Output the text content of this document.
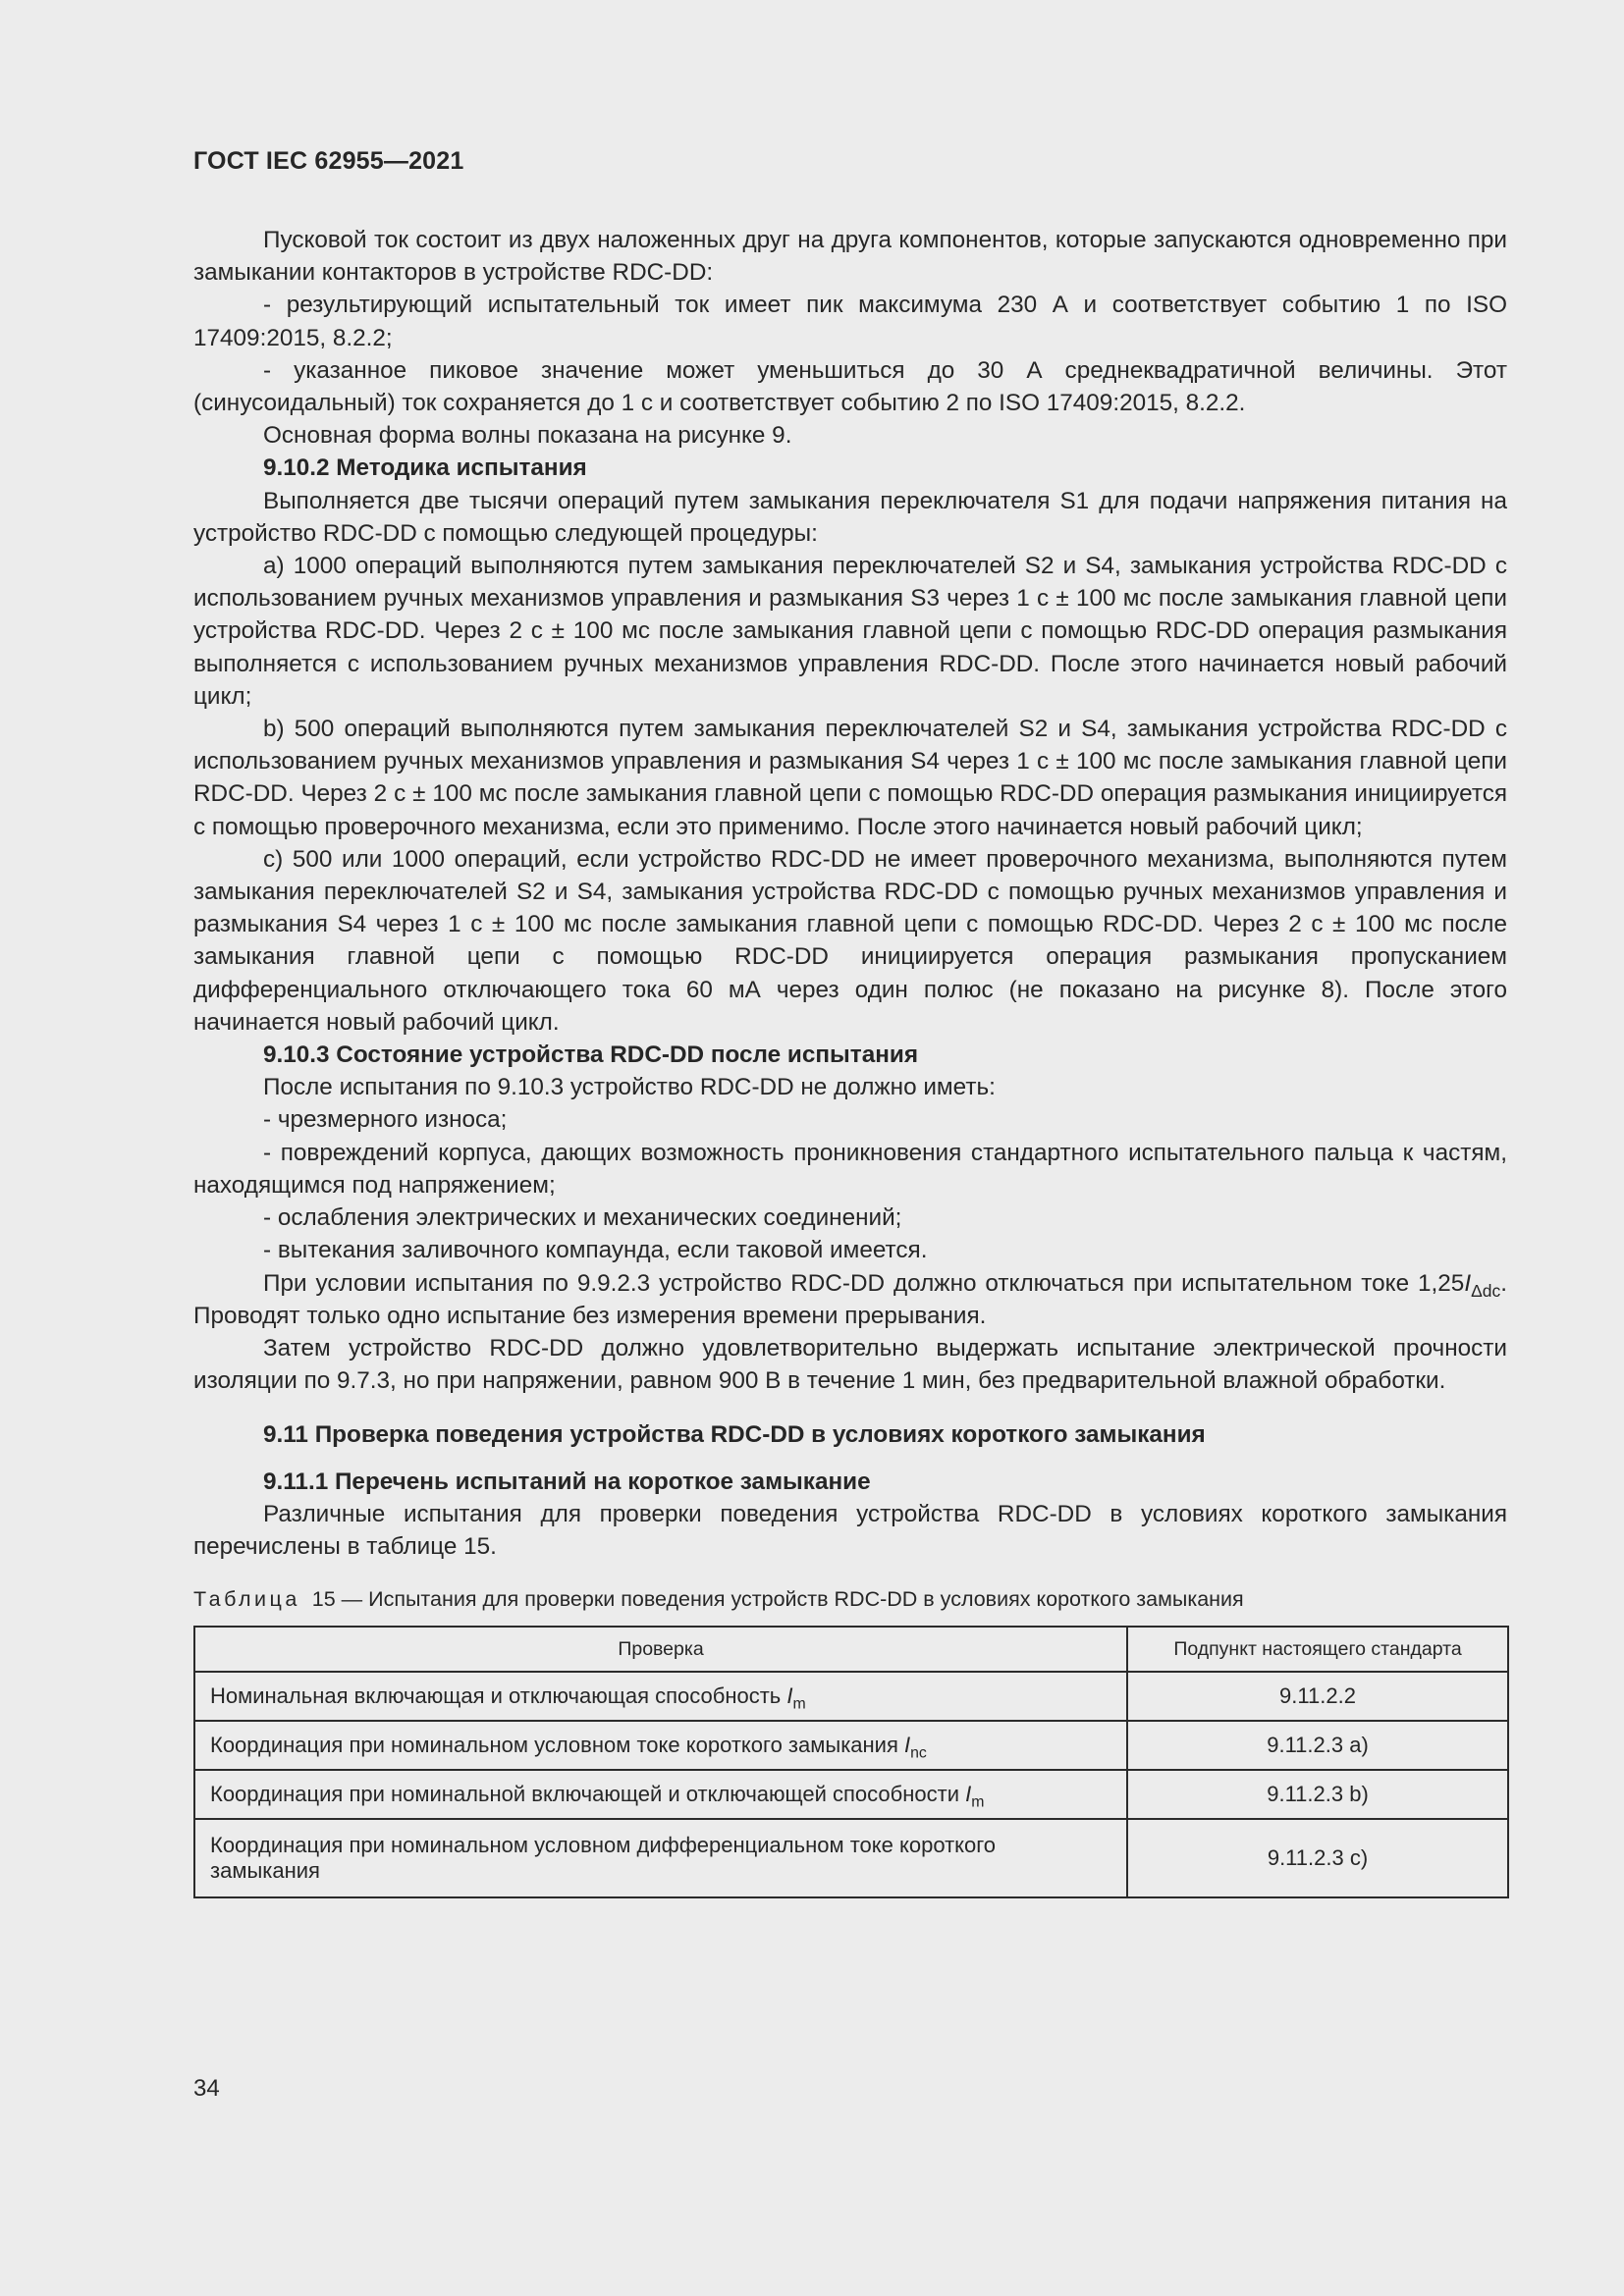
ГОСТ IEC 62955—2021

Пусковой ток состоит из двух наложенных друг на друга компонентов, которые запускаются одновременно при замыкании контакторов в устройстве RDC-DD:

- результирующий испытательный ток имеет пик максимума 230 А и соответствует событию 1 по ISO 17409:2015, 8.2.2;

- указанное пиковое значение может уменьшиться до 30 А среднеквадратичной величины. Этот (синусоидальный) ток сохраняется до 1 с и соответствует событию 2 по ISO 17409:2015, 8.2.2.

Основная форма волны показана на рисунке 9.

9.10.2 Методика испытания

Выполняется две тысячи операций путем замыкания переключателя S1 для подачи напряжения питания на устройство RDC-DD с помощью следующей процедуры:

a) 1000 операций выполняются путем замыкания переключателей S2 и S4, замыкания устройства RDC-DD с использованием ручных механизмов управления и размыкания S3 через 1 с ± 100 мс после замыкания главной цепи устройства RDC-DD. Через 2 с ± 100 мс после замыкания главной цепи с помощью RDC-DD операция размыкания выполняется с использованием ручных механизмов управления RDC-DD. После этого начинается новый рабочий цикл;

b) 500 операций выполняются путем замыкания переключателей S2 и S4, замыкания устройства RDC-DD с использованием ручных механизмов управления и размыкания S4 через 1 с ± 100 мс после замыкания главной цепи RDC-DD. Через 2 с ± 100 мс после замыкания главной цепи с помощью RDC-DD операция размыкания инициируется с помощью проверочного механизма, если это применимо. После этого начинается новый рабочий цикл;

c) 500 или 1000 операций, если устройство RDC-DD не имеет проверочного механизма, выполняются путем замыкания переключателей S2 и S4, замыкания устройства RDC-DD с помощью ручных механизмов управления и размыкания S4 через 1 с ± 100 мс после замыкания главной цепи с помощью RDC-DD. Через 2 с ± 100 мс после замыкания главной цепи с помощью RDC-DD инициируется операция размыкания пропусканием дифференциального отключающего тока 60 мА через один полюс (не показано на рисунке 8). После этого начинается новый рабочий цикл.

9.10.3 Состояние устройства RDC-DD после испытания

После испытания по 9.10.3 устройство RDC-DD не должно иметь:

- чрезмерного износа;

- повреждений корпуса, дающих возможность проникновения стандартного испытательного пальца к частям, находящимся под напряжением;

- ослабления электрических и механических соединений;

- вытекания заливочного компаунда, если таковой имеется.

При условии испытания по 9.9.2.3 устройство RDC-DD должно отключаться при испытательном токе $1,25I_{\Delta dc}$. Проводят только одно испытание без измерения времени прерывания.

Затем устройство RDC-DD должно удовлетворительно выдержать испытание электрической прочности изоляции по 9.7.3, но при напряжении, равном 900 В в течение 1 мин, без предварительной влажной обработки.

9.11 Проверка поведения устройства RDC-DD в условиях короткого замыкания

9.11.1 Перечень испытаний на короткое замыкание

Различные испытания для проверки поведения устройства RDC-DD в условиях короткого замыкания перечислены в таблице 15.

Таблица 15 — Испытания для проверки поведения устройств RDC-DD в условиях короткого замыкания
Проверка	Подпункт настоящего стандарта
Номинальная включающая и отключающая способность $I_m$	9.11.2.2
Координация при номинальном условном токе короткого замыкания $I_{nc}$	9.11.2.3 a)
Координация при номинальной включающей и отключающей способности $I_m$	9.11.2.3 b)
Координация при номинальном условном дифференциальном токе короткого замыкания	9.11.2.3 c)
34
